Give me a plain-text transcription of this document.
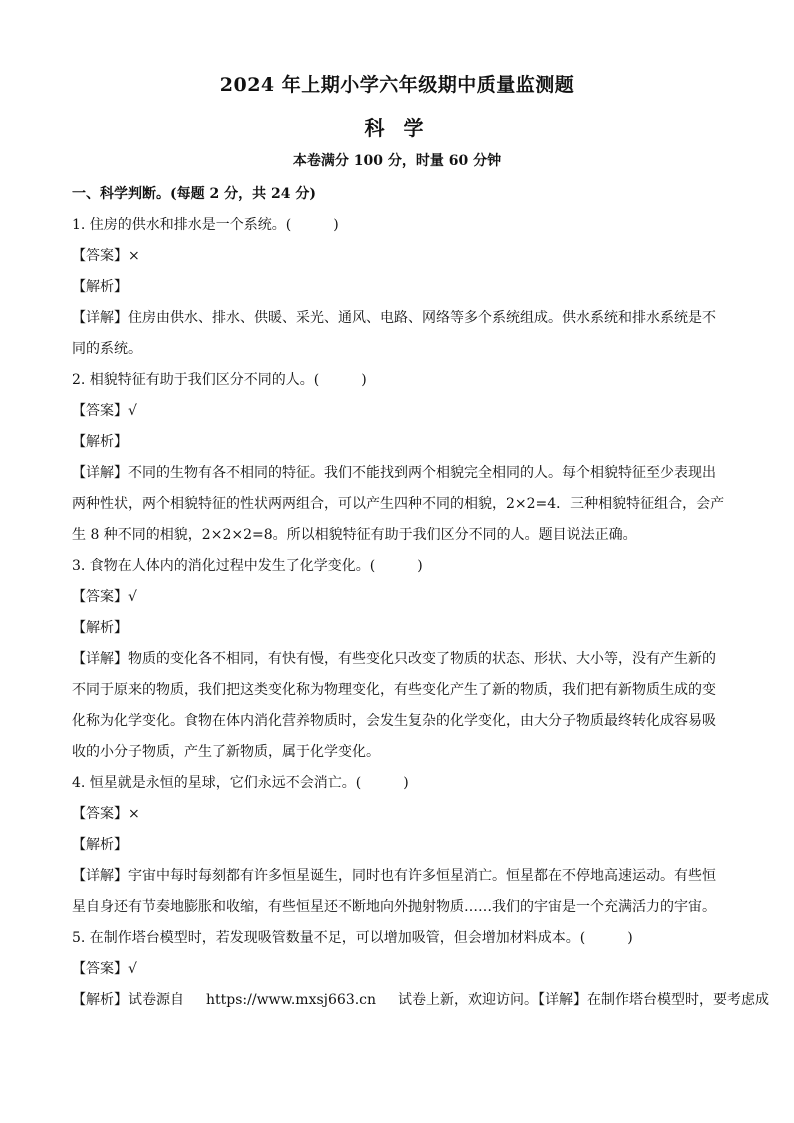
2024 年上期小学六年级期中质量监测题
科 学
本卷满分 100 分，时量 60 分钟
一、科学判断。(每题 2 分，共 24 分)
1. 住房的供水和排水是一个系统。(　　　)
【答案】×
【解析】
【详解】住房由供水、排水、供暖、采光、通风、电路、网络等多个系统组成。供水系统和排水系统是不
同的系统。
2. 相貌特征有助于我们区分不同的人。(　　　)
【答案】√
【解析】
【详解】不同的生物有各不相同的特征。我们不能找到两个相貌完全相同的人。每个相貌特征至少表现出
两种性状，两个相貌特征的性状两两组合，可以产生四种不同的相貌，2×2=4．三种相貌特征组合，会产
生 8 种不同的相貌，2×2×2=8。所以相貌特征有助于我们区分不同的人。题目说法正确。
3. 食物在人体内的消化过程中发生了化学变化。(　　　)
【答案】√
【解析】
【详解】物质的变化各不相同，有快有慢，有些变化只改变了物质的状态、形状、大小等，没有产生新的
不同于原来的物质，我们把这类变化称为物理变化，有些变化产生了新的物质，我们把有新物质生成的变
化称为化学变化。食物在体内消化营养物质时，会发生复杂的化学变化，由大分子物质最终转化成容易吸
收的小分子物质，产生了新物质，属于化学变化。
4. 恒星就是永恒的星球，它们永远不会消亡。(　　　)
【答案】×
【解析】
【详解】宇宙中每时每刻都有许多恒星诞生，同时也有许多恒星消亡。恒星都在不停地高速运动。有些恒
星自身还有节奏地膨胀和收缩，有些恒星还不断地向外抛射物质……我们的宇宙是一个充满活力的宇宙。
5. 在制作塔台模型时，若发现吸管数量不足，可以增加吸管，但会增加材料成本。(　　　)
【答案】√
【解析】试卷源自 https://www.mxsj663.cn 试卷上新，欢迎访问。【详解】在制作塔台模型时，要考虑成
